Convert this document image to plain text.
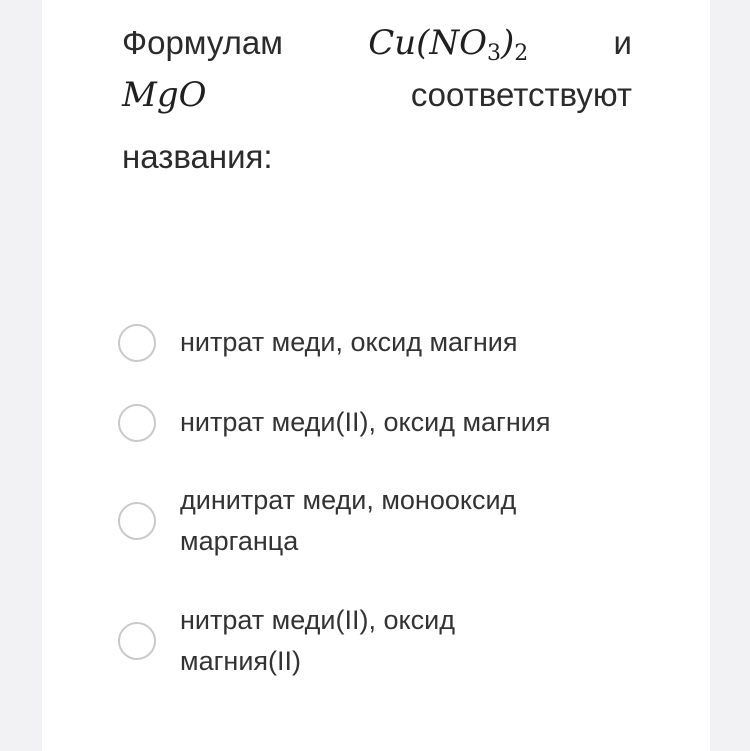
Формулам	$Cu(NO_3)_2$	и
MgO	соответствуют
названия:
нитрат меди, оксид магния
нитрат меди(II), оксид магния
динитрат меди, монооксид марганца
нитрат меди(II), оксид магния(II)
